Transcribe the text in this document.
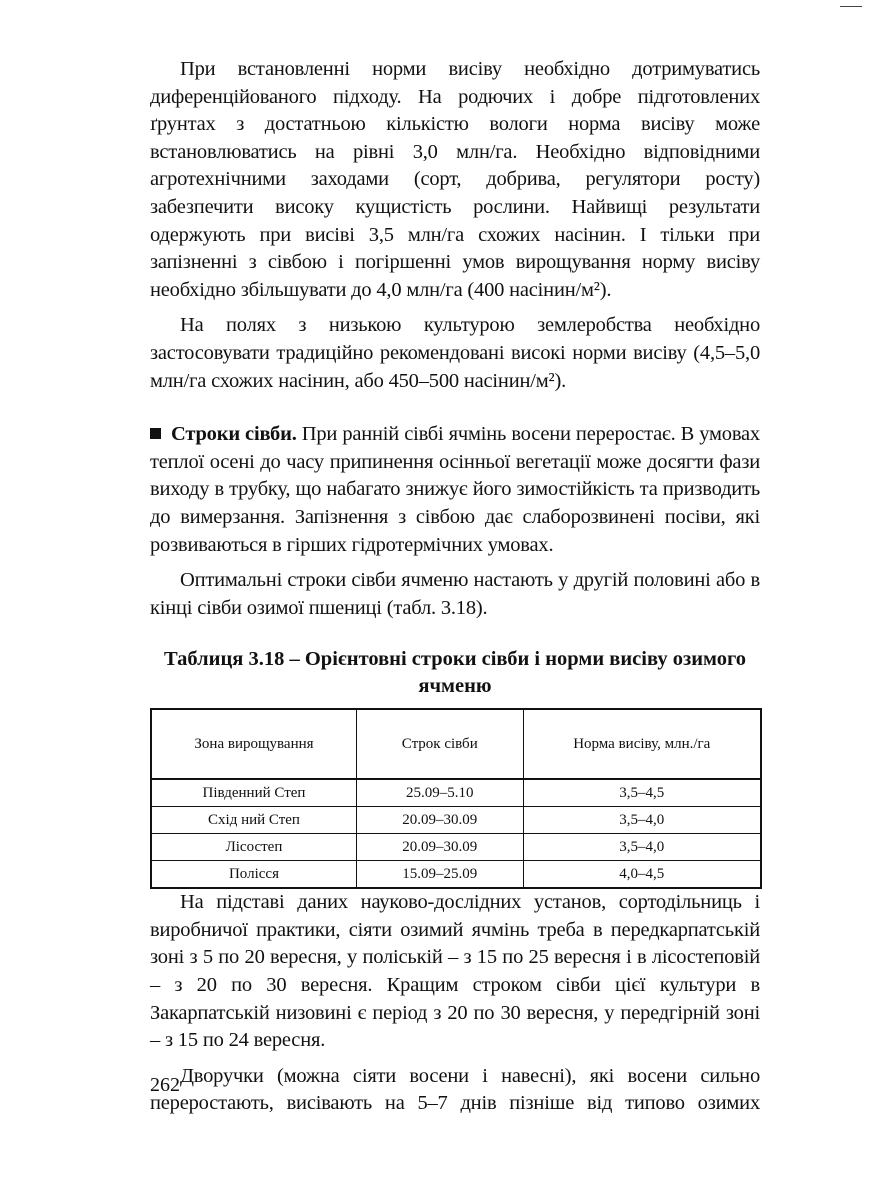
При встановленні норми висіву необхідно дотримуватись диференційованого підходу. На родючих і добре підготовлених ґрунтах з достатньою кількістю вологи норма висіву може встановлюватись на рівні 3,0 млн/га. Необхідно відповідними агротехнічними заходами (сорт, добрива, регулятори росту) забезпечити високу кущистість рослини. Найвищі результати одержують при висіві 3,5 млн/га схожих насінин. І тільки при запізненні з сівбою і погіршенні умов вирощування норму висіву необхідно збільшувати до 4,0 млн/га (400 насінин/м²).

На полях з низькою культурою землеробства необхідно застосовувати традиційно рекомендовані високі норми висіву (4,5–5,0 млн/га схожих насінин, або 450–500 насінин/м²).

Строки сівби. При ранній сівбі ячмінь восени переростає. В умовах теплої осені до часу припинення осінньої вегетації може досягти фази виходу в трубку, що набагато знижує його зимостійкість та призводить до вимерзання. Запізнення з сівбою дає слаборозвинені посіви, які розвиваються в гірших гідротермічних умовах.

Оптимальні строки сівби ячменю настають у другій половині або в кінці сівби озимої пшениці (табл. 3.18).

Таблиця 3.18 – Орієнтовні строки сівби і норми висіву озимого ячменю
Зона вирощування	Строк сівби	Норма висіву, млн./га
Південний Степ	25.09–5.10	3,5–4,5
Схід ний Степ	20.09–30.09	3,5–4,0
Лісостеп	20.09–30.09	3,5–4,0
Полісся	15.09–25.09	4,0–4,5

На підставі даних науково-дослідних установ, сортодільниць і виробничої практики, сіяти озимий ячмінь треба в передкарпатській зоні з 5 по 20 вересня, у поліській – з 15 по 25 вересня і в лісостеповій – з 20 по 30 вересня. Кращим строком сівби цієї культури в Закарпатській низовині є період з 20 по 30 вересня, у передгірній зоні – з 15 по 24 вересня.

Дворучки (можна сіяти восени і навесні), які восени сильно переростають, висівають на 5–7 днів пізніше від типово озимих

262
